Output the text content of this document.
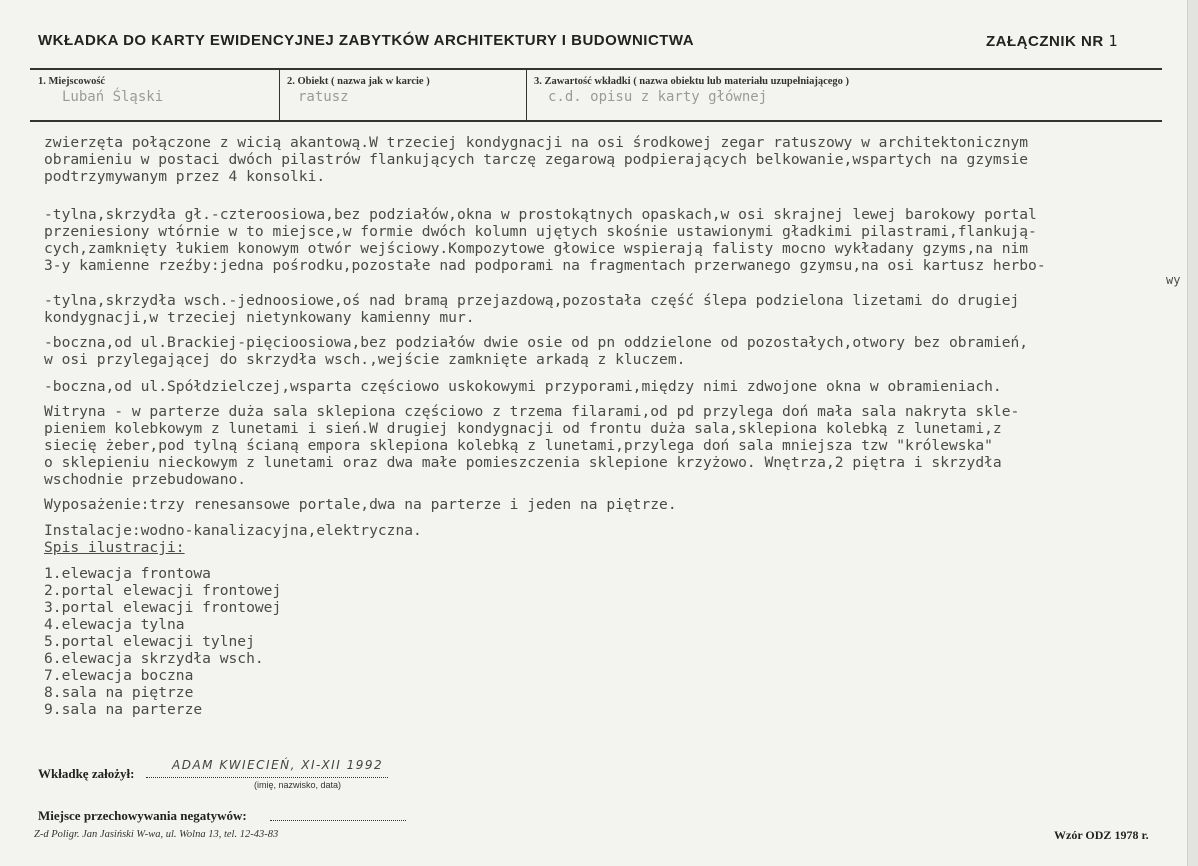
WKŁADKA DO KARTY EWIDENCYJNEJ ZABYTKÓW ARCHITEKTURY I BUDOWNICTWA	ZAŁĄCZNIK NR 1
1. Miejscowość
Lubań Śląski
2. Obiekt ( nazwa jak w karcie )
ratusz
3. Zawartość wkładki ( nazwa obiektu lub materiału uzupełniającego )
c.d. opisu z karty głównej
zwierzęta połączone z wicią akantową.W trzeciej kondygnacji na osi środkowej zegar ratuszowy w architektonicznym
obramieniu w postaci dwóch pilastrów flankujących tarczę zegarową podpierających belkowanie,wspartych na gzymsie
podtrzymywanym przez 4 konsolki.
-tylna,skrzydła gł.-czteroosiowa,bez podziałów,okna w prostokątnych opaskach,w osi skrajnej lewej barokowy portal
przeniesiony wtórnie w to miejsce,w formie dwóch kolumn ujętych skośnie ustawionymi gładkimi pilastrami,flankują-
cych,zamknięty łukiem konowym otwór wejściowy.Kompozytowe głowice wspierają falisty mocno wykładany gzyms,na nim
3-y kamienne rzeźby:jedna pośrodku,pozostałe nad podporami na fragmentach przerwanego gzymsu,na osi kartusz herbo-
wy
-tylna,skrzydła wsch.-jednoosiowe,oś nad bramą przejazdową,pozostała część ślepa podzielona lizetami do drugiej
kondygnacji,w trzeciej nietynkowany kamienny mur.
-boczna,od ul.Brackiej-pięcioosiowa,bez podziałów dwie osie od pn oddzielone od pozostałych,otwory bez obramień,
w osi przylegającej do skrzydła wsch.,wejście zamknięte arkadą z kluczem.
-boczna,od ul.Spółdzielczej,wsparta częściowo uskokowymi przyporami,między nimi zdwojone okna w obramieniach.
Witryna - w parterze duża sala sklepiona częściowo z trzema filarami,od pd przylega doń mała sala nakryta skle-
pieniem kolebkowym z lunetami i sień.W drugiej kondygnacji od frontu duża sala,sklepiona kolebką z lunetami,z
siecię żeber,pod tylną ścianą empora sklepiona kolebką z lunetami,przylega doń sala mniejsza tzw "królewska"
o sklepieniu nieckowym z lunetami oraz dwa małe pomieszczenia sklepione krzyżowo. Wnętrza,2 piętra i skrzydła
wschodnie przebudowano.
Wyposażenie:trzy renesansowe portale,dwa na parterze i jeden na piętrze.
Instalacje:wodno-kanalizacyjna,elektryczna.
Spis ilustracji:
1.elewacja frontowa
2.portal elewacji frontowej
3.portal elewacji frontowej
4.elewacja tylna
5.portal elewacji tylnej
6.elewacja skrzydła wsch.
7.elewacja boczna
8.sala na piętrze
9.sala na parterze
Wkładkę założył:
ADAM KWIECIEŃ, XI-XII 1992
(imię, nazwisko, data)
Miejsce przechowywania negatywów:
Z-d Poligr. Jan Jasiński W-wa, ul. Wolna 13, tel. 12-43-83	Wzór ODZ 1978 r.
